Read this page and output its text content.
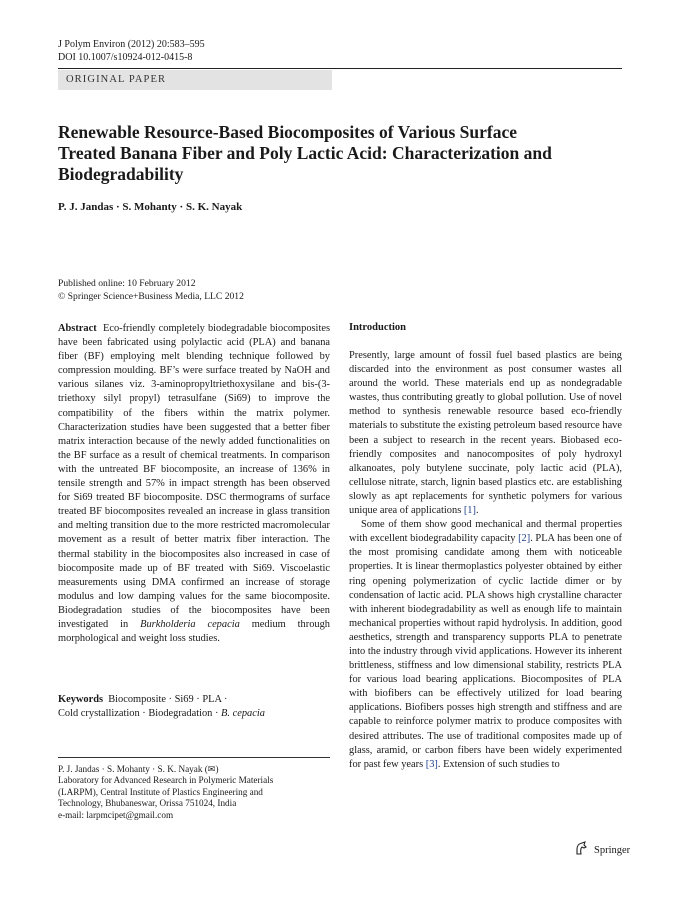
J Polym Environ (2012) 20:583–595
DOI 10.1007/s10924-012-0415-8
ORIGINAL PAPER
Renewable Resource-Based Biocomposites of Various Surface Treated Banana Fiber and Poly Lactic Acid: Characterization and Biodegradability
P. J. Jandas · S. Mohanty · S. K. Nayak
Published online: 10 February 2012
© Springer Science+Business Media, LLC 2012

Abstract Eco-friendly completely biodegradable biocomposites have been fabricated using polylactic acid (PLA) and banana fiber (BF) employing melt blending technique followed by compression moulding. BF’s were surface treated by NaOH and various silanes viz. 3-aminopropyltriethoxysilane and bis-(3-triethoxy silyl propyl) tetrasulfane (Si69) to improve the compatibility of the fibers within the matrix polymer. Characterization studies have been suggested that a better fiber matrix interaction because of the newly added functionalities on the BF surface as a result of chemical treatments. In comparison with the untreated BF biocomposite, an increase of 136% in tensile strength and 57% in impact strength has been observed for Si69 treated BF biocomposite. DSC thermograms of surface treated BF biocomposites revealed an increase in glass transition and melting transition due to the more restricted macromolecular movement as a result of better matrix fiber interaction. The thermal stability in the biocomposites also increased in case of biocomposite made up of BF treated with Si69. Viscoelastic measurements using DMA confirmed an increase of storage modulus and low damping values for the same biocomposite. Biodegradation studies of the biocomposites have been investigated in Burkholderia cepacia medium through morphological and weight loss studies.

Keywords Biocomposite · Si69 · PLA ·
Cold crystallization · Biodegradation · B. cepacia
P. J. Jandas · S. Mohanty · S. K. Nayak (✉)
Laboratory for Advanced Research in Polymeric Materials
(LARPM), Central Institute of Plastics Engineering and
Technology, Bhubaneswar, Orissa 751024, India
e-mail: larpmcipet@gmail.com
Introduction

Presently, large amount of fossil fuel based plastics are being discarded into the environment as post consumer wastes all around the world. These materials end up as nondegradable wastes, thus contributing greatly to global pollution. Use of novel method to synthesis renewable resource based eco-friendly materials to substitute the existing petroleum based resource have been a subject to research in the recent years. Biobased eco-friendly composites and nanocomposites of poly hydroxyl alkanoates, poly butylene succinate, poly lactic acid (PLA), cellulose nitrate, starch, lignin based plastics etc. are establishing slowly as apt replacements for synthetic polymers for various unique area of applications [1].

Some of them show good mechanical and thermal properties with excellent biodegradability capacity [2]. PLA has been one of the most promising candidate among them with noticeable properties. It is linear thermoplastics polyester obtained by either ring opening polymerization of cyclic lactide dimer or by condensation of lactic acid. PLA shows high crystalline character with inherent biodegradability as well as enough life to maintain mechanical properties without rapid hydrolysis. In addition, good aesthetics, strength and transparency supports PLA to penetrate into the industry through vivid applications. However its inherent brittleness, stiffness and low dimensional stability, restricts PLA for various load bearing applications. Biocomposites of PLA with biofibers can be effectively utilized for load bearing applications. Biofibers posses high strength and stiffness and are capable to reinforce polymer matrix to produce composites with desired attributes. The use of traditional composites made up of glass, aramid, or carbon fibers have been widely experimented for past few years [3]. Extension of such studies to

Springer
